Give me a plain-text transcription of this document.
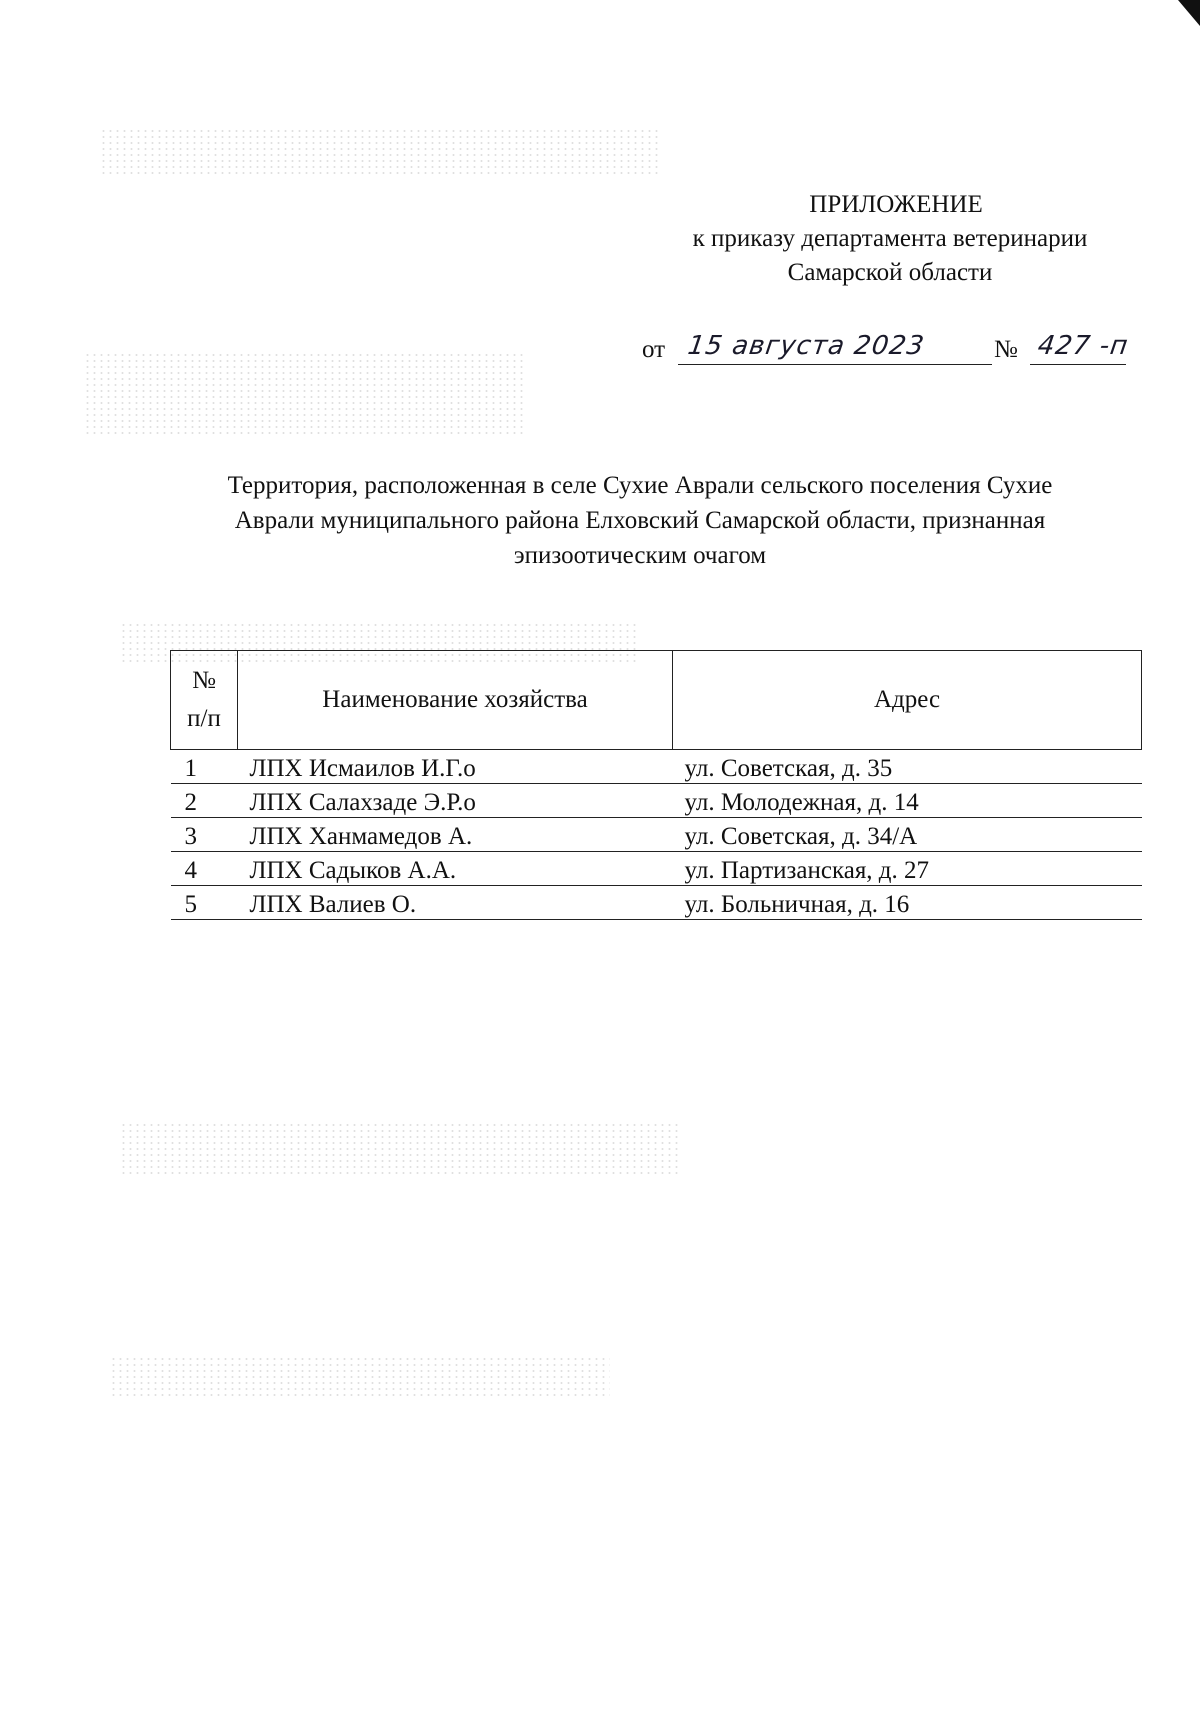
ПРИЛОЖЕНИЕ
к приказу департамента ветеринарии
Самарской области
от 15 августа 2023	№ 427 -п
Территория, расположенная в селе Сухие Аврали сельского поселения Сухие
Аврали муниципального района Елховский Самарской области, признанная
эпизоотическим очагом
№
п/п	Наименование хозяйства	Адрес
1	ЛПХ Исмаилов И.Г.о	ул. Советская, д. 35
2	ЛПХ Салахзаде Э.Р.о	ул. Молодежная, д. 14
3	ЛПХ Ханмамедов А.	ул. Советская, д. 34/А
4	ЛПХ Садыков А.А.	ул. Партизанская, д. 27
5	ЛПХ Валиев О.	ул. Больничная, д. 16
